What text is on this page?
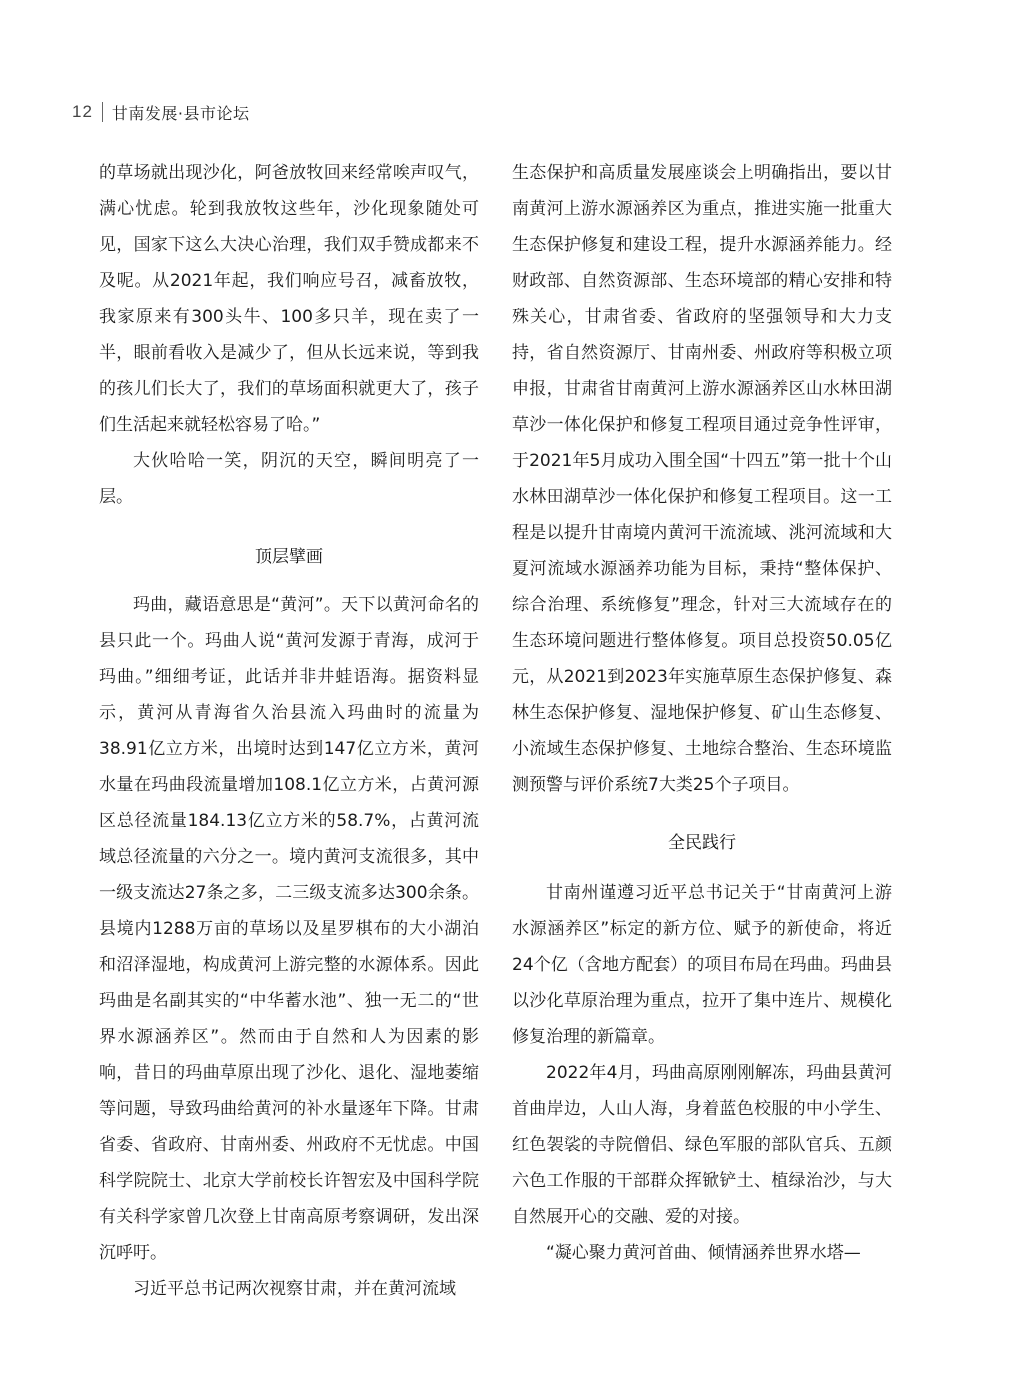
12 甘南发展·县市论坛

的草场就出现沙化，阿爸放牧回来经常唉声叹气，满心忧虑。轮到我放牧这些年，沙化现象随处可见，国家下这么大决心治理，我们双手赞成都来不及呢。从2021年起，我们响应号召，减畜放牧，我家原来有300头牛、100多只羊，现在卖了一半，眼前看收入是减少了，但从长远来说，等到我的孩儿们长大了，我们的草场面积就更大了，孩子们生活起来就轻松容易了哈。”

大伙哈哈一笑，阴沉的天空，瞬间明亮了一层。

顶层擘画

玛曲，藏语意思是“黄河”。天下以黄河命名的县只此一个。玛曲人说“黄河发源于青海，成河于玛曲。”细细考证，此话并非井蛙语海。据资料显示，黄河从青海省久治县流入玛曲时的流量为38.91亿立方米，出境时达到147亿立方米，黄河水量在玛曲段流量增加108.1亿立方米，占黄河源区总径流量184.13亿立方米的58.7%，占黄河流域总径流量的六分之一。境内黄河支流很多，其中一级支流达27条之多，二三级支流多达300余条。县境内1288万亩的草场以及星罗棋布的大小湖泊和沼泽湿地，构成黄河上游完整的水源体系。因此玛曲是名副其实的“中华蓄水池”、独一无二的“世界水源涵养区”。然而由于自然和人为因素的影响，昔日的玛曲草原出现了沙化、退化、湿地萎缩等问题，导致玛曲给黄河的补水量逐年下降。甘肃省委、省政府、甘南州委、州政府不无忧虑。中国科学院院士、北京大学前校长许智宏及中国科学院有关科学家曾几次登上甘南高原考察调研，发出深沉呼吁。

习近平总书记两次视察甘肃，并在黄河流域

生态保护和高质量发展座谈会上明确指出，要以甘南黄河上游水源涵养区为重点，推进实施一批重大生态保护修复和建设工程，提升水源涵养能力。经财政部、自然资源部、生态环境部的精心安排和特殊关心，甘肃省委、省政府的坚强领导和大力支持，省自然资源厅、甘南州委、州政府等积极立项申报，甘肃省甘南黄河上游水源涵养区山水林田湖草沙一体化保护和修复工程项目通过竞争性评审，于2021年5月成功入围全国“十四五”第一批十个山水林田湖草沙一体化保护和修复工程项目。这一工程是以提升甘南境内黄河干流流域、洮河流域和大夏河流域水源涵养功能为目标，秉持“整体保护、综合治理、系统修复”理念，针对三大流域存在的生态环境问题进行整体修复。项目总投资50.05亿元，从2021到2023年实施草原生态保护修复、森林生态保护修复、湿地保护修复、矿山生态修复、小流域生态保护修复、土地综合整治、生态环境监测预警与评价系统7大类25个子项目。

全民践行

甘南州谨遵习近平总书记关于“甘南黄河上游水源涵养区”标定的新方位、赋予的新使命，将近24个亿（含地方配套）的项目布局在玛曲。玛曲县以沙化草原治理为重点，拉开了集中连片、规模化修复治理的新篇章。

2022年4月，玛曲高原刚刚解冻，玛曲县黄河首曲岸边，人山人海，身着蓝色校服的中小学生、红色袈裟的寺院僧侣、绿色军服的部队官兵、五颜六色工作服的干部群众挥锨铲土、植绿治沙，与大自然展开心的交融、爱的对接。

“凝心聚力黄河首曲、倾情涵养世界水塔—
